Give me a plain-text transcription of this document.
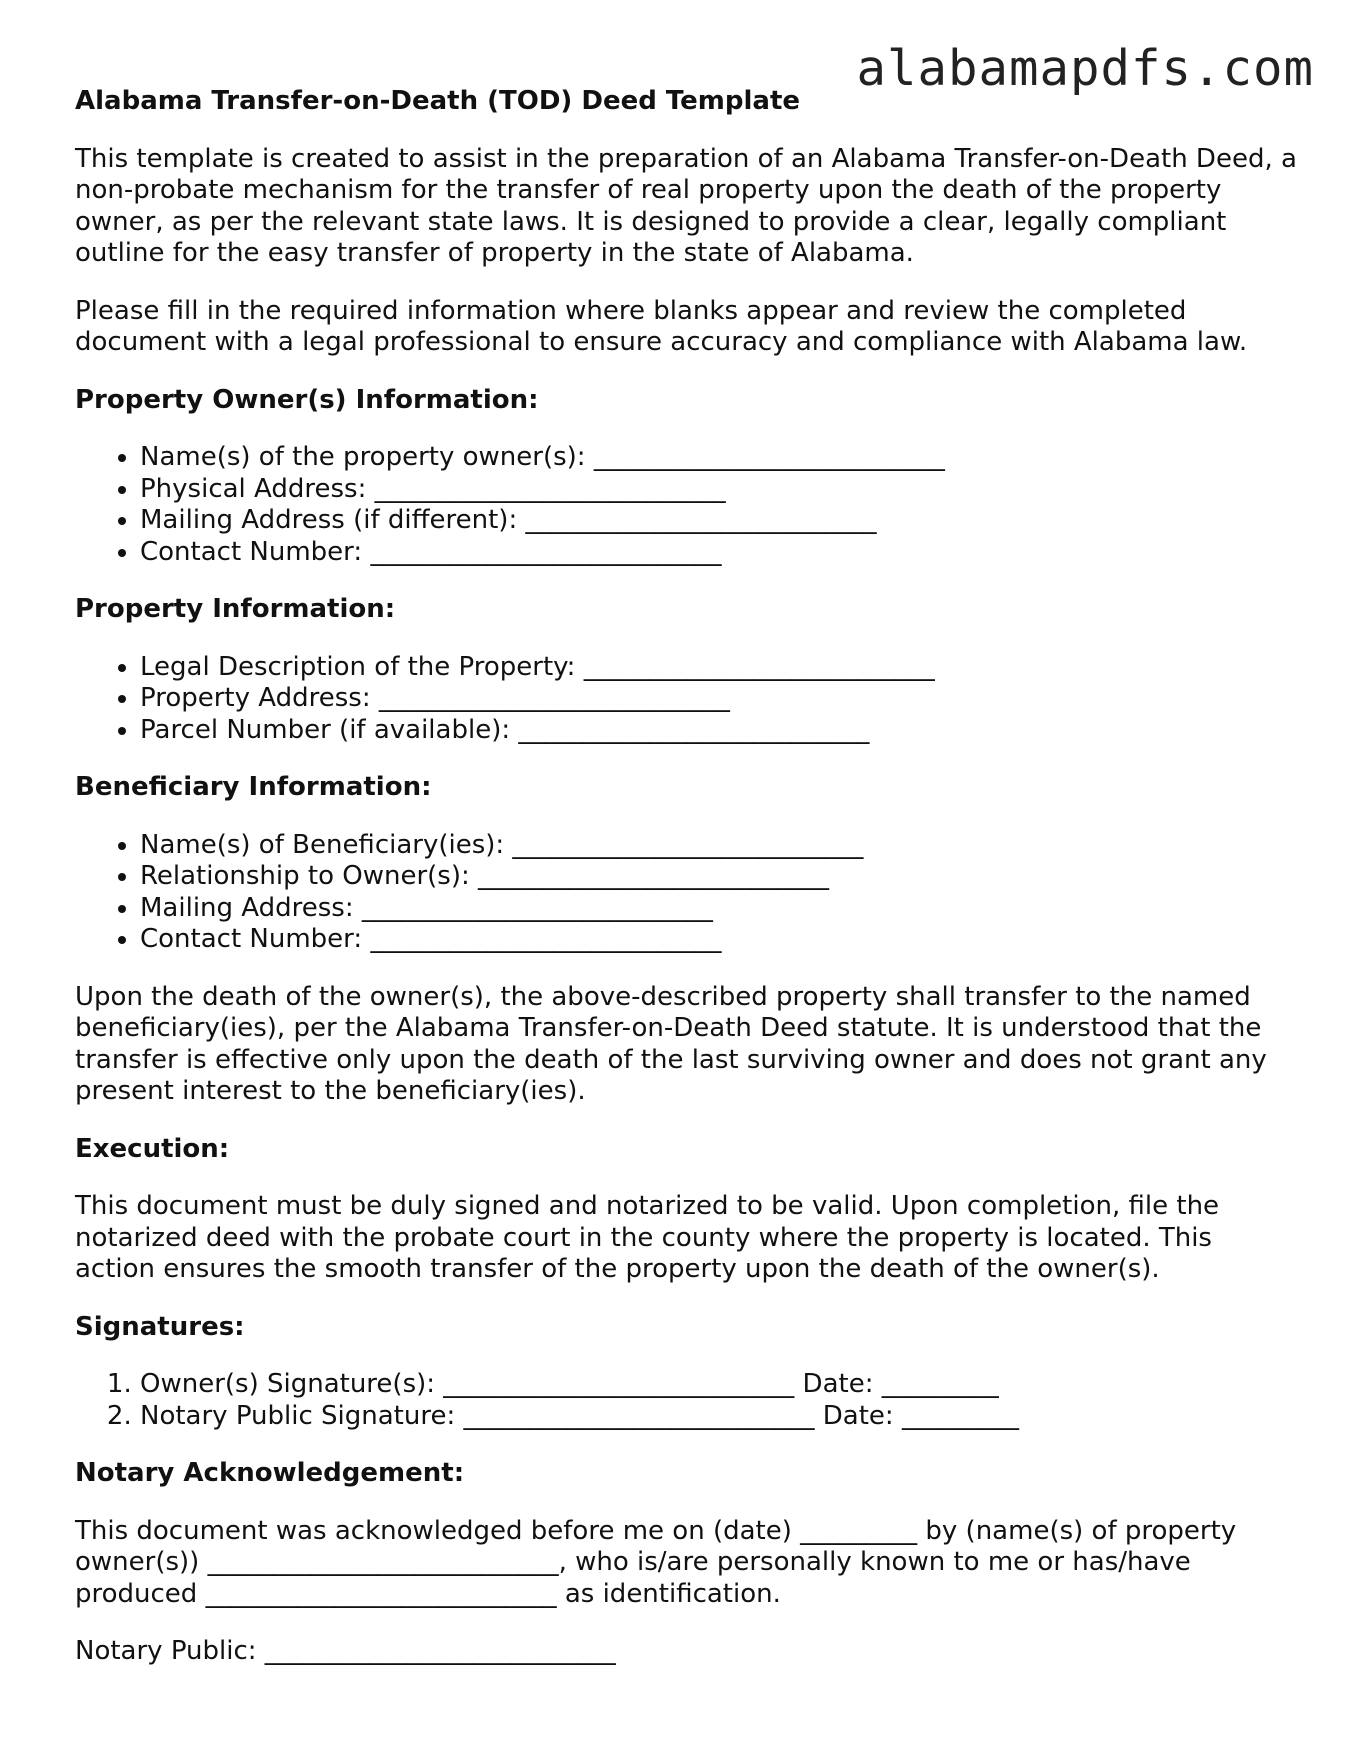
alabamapdfs.com
Alabama Transfer-on-Death (TOD) Deed Template

This template is created to assist in the preparation of an Alabama Transfer-on-Death Deed, a non-probate mechanism for the transfer of real property upon the death of the property owner, as per the relevant state laws. It is designed to provide a clear, legally compliant outline for the easy transfer of property in the state of Alabama.

Please fill in the required information where blanks appear and review the completed document with a legal professional to ensure accuracy and compliance with Alabama law.

Property Owner(s) Information:
• Name(s) of the property owner(s): ___________________________
• Physical Address: ___________________________
• Mailing Address (if different): ___________________________
• Contact Number: ___________________________
Property Information:
• Legal Description of the Property: ___________________________
• Property Address: ___________________________
• Parcel Number (if available): ___________________________
Beneficiary Information:
• Name(s) of Beneficiary(ies): ___________________________
• Relationship to Owner(s): ___________________________
• Mailing Address: ___________________________
• Contact Number: ___________________________

Upon the death of the owner(s), the above-described property shall transfer to the named beneficiary(ies), per the Alabama Transfer-on-Death Deed statute. It is understood that the transfer is effective only upon the death of the last surviving owner and does not grant any present interest to the beneficiary(ies).

Execution:

This document must be duly signed and notarized to be valid. Upon completion, file the notarized deed with the probate court in the county where the property is located. This action ensures the smooth transfer of the property upon the death of the owner(s).

Signatures:
1. Owner(s) Signature(s): ___________________________ Date: _________
2. Notary Public Signature: ___________________________ Date: _________
Notary Acknowledgement:

This document was acknowledged before me on (date) _________ by (name(s) of property owner(s)) ___________________________, who is/are personally known to me or has/have produced ___________________________ as identification.

Notary Public: ___________________________
